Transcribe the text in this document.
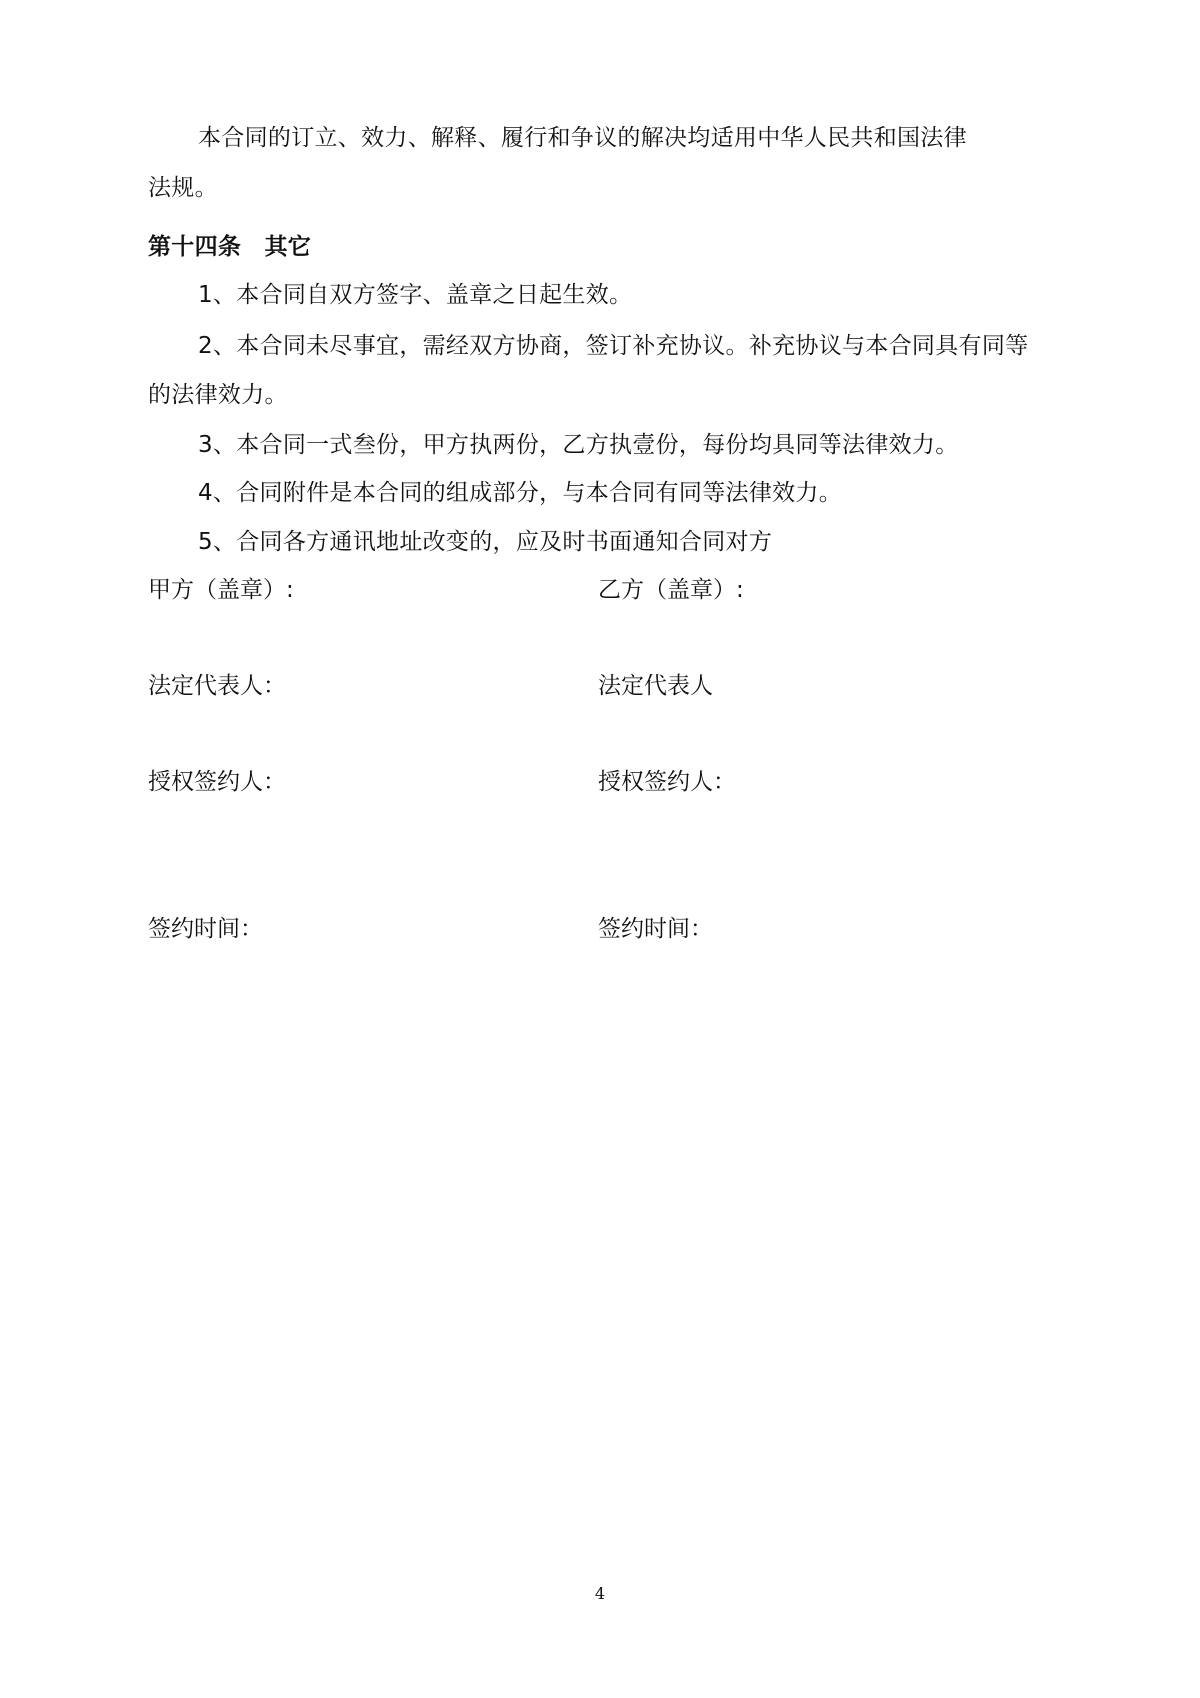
本合同的订立、效力、解释、履行和争议的解决均适用中华人民共和国法律
法规。
第十四条　其它
1、本合同自双方签字、盖章之日起生效。
2、本合同未尽事宜，需经双方协商，签订补充协议。补充协议与本合同具有同等
的法律效力。
3、本合同一式叁份，甲方执两份，乙方执壹份，每份均具同等法律效力。
4、合同附件是本合同的组成部分，与本合同有同等法律效力。
5、合同各方通讯地址改变的，应及时书面通知合同对方
甲方（盖章）:
法定代表人：
授权签约人：
签约时间：
乙方（盖章）:
法定代表人
授权签约人：
签约时间：
4
